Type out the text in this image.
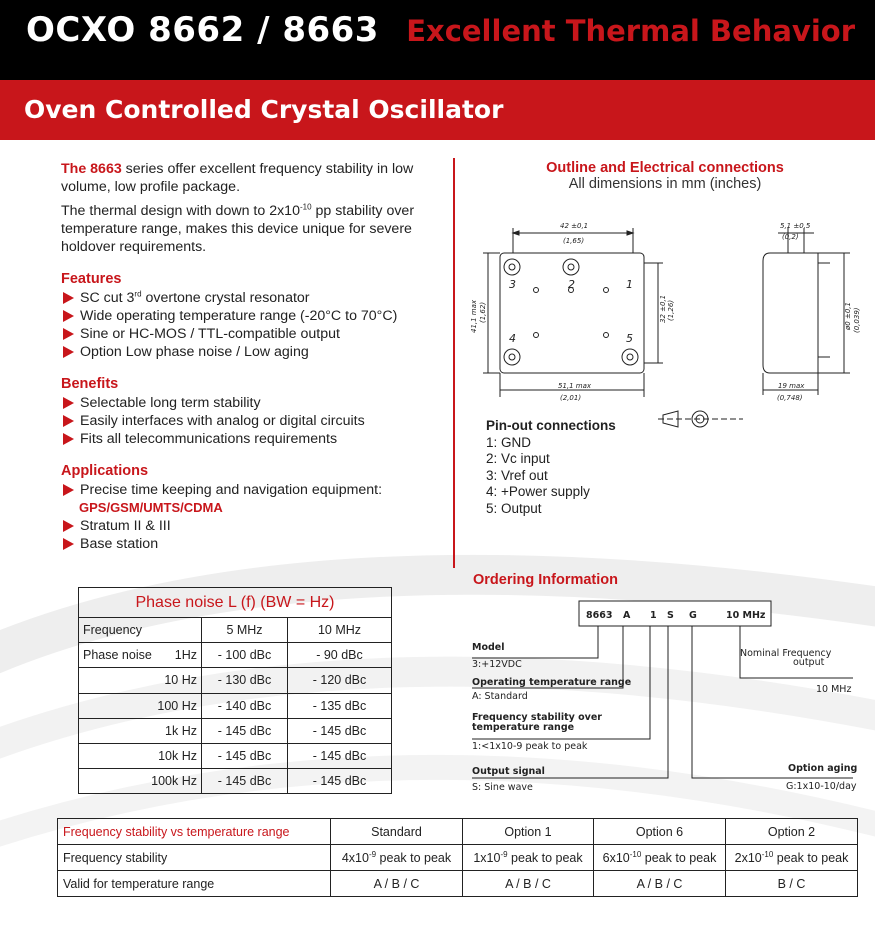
OCXO 8662 / 8663 Excellent Thermal Behavior
Oven Controlled Crystal Oscillator

The 8663 series offer excellent frequency stability in low volume, low profile package.

The thermal design with down to $2x10^{-10}$ pp stability over temperature range, makes this device unique for severe holdover requirements.

Features
SC cut 3rd overtone crystal resonator
Wide operating temperature range (-20°C to 70°C)
Sine or HC-MOS / TTL-compatible output
Option Low phase noise / Low aging
Benefits
Selectable long term stability
Easily interfaces with analog or digital circuits
Fits all telecommunications requirements
Applications
Precise time keeping and navigation equipment:
GPS/GSM/UMTS/CDMA
Stratum II & III
Base station
Outline and Electrical connections
All dimensions in mm (inches)
42 ±0,1
(1,65)
51,1 max
(2,01)
41,1 max (1,62)	32 ±0,1 (1,26)
5,1 ±0,5
(0,2)
19 max
(0,748)
ø0 ±0,1 (0,039)
3	2	1
4	5
Pin-out connections
1: GND
2: Vc input
3: Vref out
4: +Power supply
5: Output
Ordering Information
8663 A 1 S G	10 MHz
Model
3:+12VDC
Operating temperature range
A: Standard
Frequency stability over
temperature range
1:<1x10-9 peak to peak
Output signal
S: Sine wave
Nominal Frequency
output
10 MHz
Option aging
G:1x10-10/day
Phase noise L (f) (BW = Hz)		
Frequency	5 MHz	10 MHz
Phase noise 1Hz	- 100 dBc	- 90 dBc
10 Hz	- 130 dBc	- 120 dBc
100 Hz	- 140 dBc	- 135 dBc
1k Hz	- 145 dBc	- 145 dBc
10k Hz	- 145 dBc	- 145 dBc
100k Hz	- 145 dBc	- 145 dBc
Frequency stability vs temperature range	Standard	Option 1	Option 6	Option 2
Frequency stability	$4x10^{-9}$ peak to peak	$1x10^{-9}$ peak to peak	$6x10^{-10}$ peak to peak	$2x10^{-10}$ peak to peak
Valid for temperature range	A / B / C	A / B / C	A / B / C	B / C
